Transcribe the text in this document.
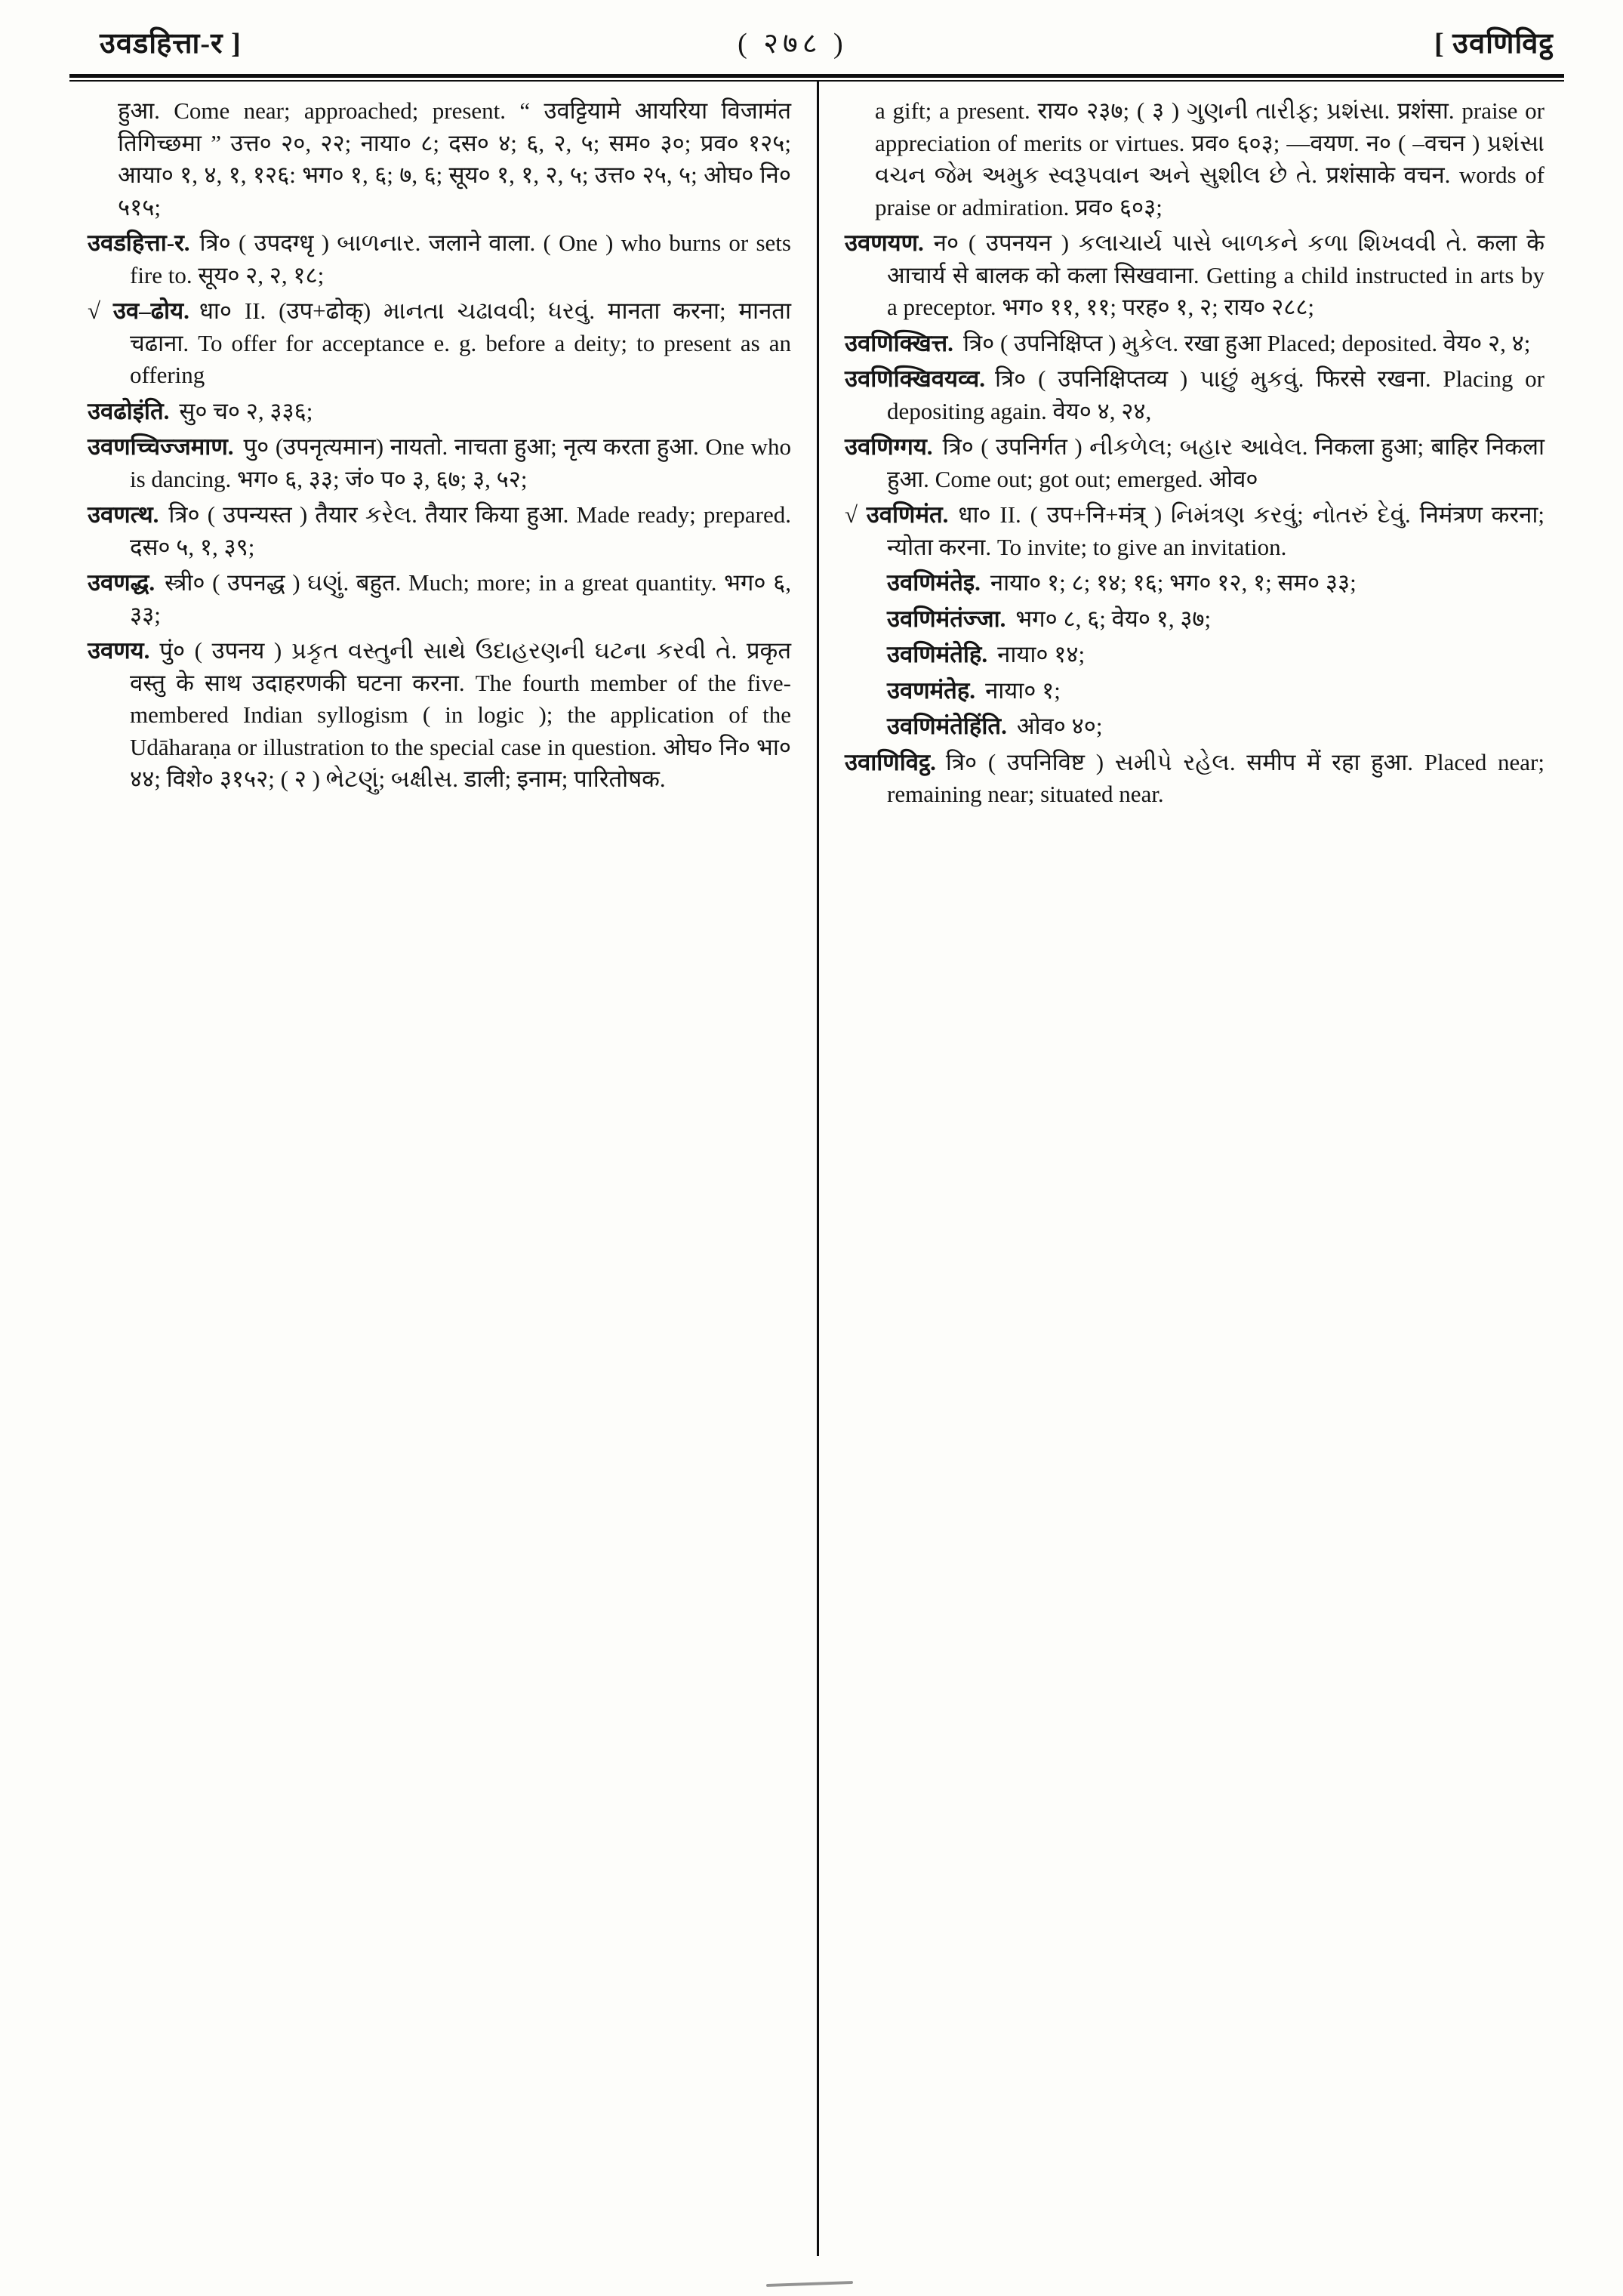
उवडहित्ता-र ]	( २७८ )	[ उवणिविट्ठ

हुआ. Come near; approached; present. “ उवट्टियामे आयरिया विजामंत तिगिच्छमा ” उत्त० २०, २२; नाया० ८; दस० ४; ६, २, ५; सम० ३०; प्रव० १२५; आया० १, ४, १, १२६: भग० १, ६; ७, ६; सूय० १, १, २, ५; उत्त० २५, ५; ओघ० नि० ५१५;

उवडहित्ता-र. त्रि० ( उपदग्धृ ) બાળનાર. जलाने वाला. ( One ) who burns or sets fire to. सूय० २, २, १८;

√ उव–ढोय. धा० II. (उप+ढोक्) માનતા ચઢાવવી; ધરવું. मानता करना; मानता चढाना. To offer for acceptance e. g. before a deity; to present as an offering

उवढोइंति. सु० च० २, ३३६;

उवणच्चिज्जमाण. पु० (उपनृत्यमान) नायतो. नाचता हुआ; नृत्य करता हुआ. One who is dancing. भग० ६, ३३; जं० प० ३, ६७; ३, ५२;

उवणत्थ. त्रि० ( उपन्यस्त ) तैयार કરેલ. तैयार किया हुआ. Made ready; prepared. दस० ५, १, ३९;

उवणद्ध. स्त्री० ( उपनद्ध ) ઘણું. बहुत. Much; more; in a great quantity. भग० ६, ३३;

उवणय. पुं० ( उपनय ) પ્રકૃત વસ્તુની સાથે ઉદાહરણની ઘટના કરવી તે. प्रकृत वस्तु के साथ उदाहरणकी घटना करना. The fourth member of the five-membered Indian syllogism ( in logic ); the application of the Udāharaṇa or illustration to the special case in question. ओघ० नि० भा० ४४; विशे० ३१५२; ( २ ) ભેટણું; બક્ષીસ. डाली; इनाम; पारितोषक.

a gift; a present. राय० २३७; ( ३ ) ગુણની તારીફ; પ્રશંસા. प्रशंसा. praise or appreciation of merits or virtues. प्रव० ६०३; —वयण. न० ( –वचन ) પ્રશંસા વચન જેમ અમુક સ્વરૂપવાન અને સુશીલ છે તે. प्रशंसाके वचन. words of praise or admiration. प्रव० ६०३;

उवणयण. न० ( उपनयन ) કલાચાર્ય પાસે બાળકને કળા શિખવવી તે. कला के आचार्य से बालक को कला सिखवाना. Getting a child instructed in arts by a preceptor. भग० ११, ११; परह० १, २; राय० २८८;

उवणिक्खित्त. त्रि० ( उपनिक्षिप्त ) મુકેલ. रखा हुआ Placed; deposited. वेय० २, ४;

उवणिक्खिवयव्व. त्रि० ( उपनिक्षिप्तव्य ) પાછું મુકવું. फिरसे रखना. Placing or depositing again. वेय० ४, २४,

उवणिग्गय. त्रि० ( उपनिर्गत ) નીકળેલ; બહાર આવેલ. निकला हुआ; बाहिर निकला हुआ. Come out; got out; emerged. ओव०

√ उवणिमंत. धा० II. ( उप+नि+मंत्र् ) નિમંત્રણ કરવું; નોતરું દેવું. निमंत्रण करना; न्योता करना. To invite; to give an invitation.

उवणिमंतेइ. नाया० १; ८; १४; १६; भग० १२, १; सम० ३३;

उवणिमंतंज्जा. भग० ८, ६; वेय० १, ३७;

उवणिमंतेहि. नाया० १४;

उवणमंतेह. नाया० १;

उवणिमंतेहिंति. ओव० ४०;

उवाणिविट्ठ. त्रि० ( उपनिविष्ट ) સમીપે રહેલ. समीप में रहा हुआ. Placed near; remaining near; situated near.
